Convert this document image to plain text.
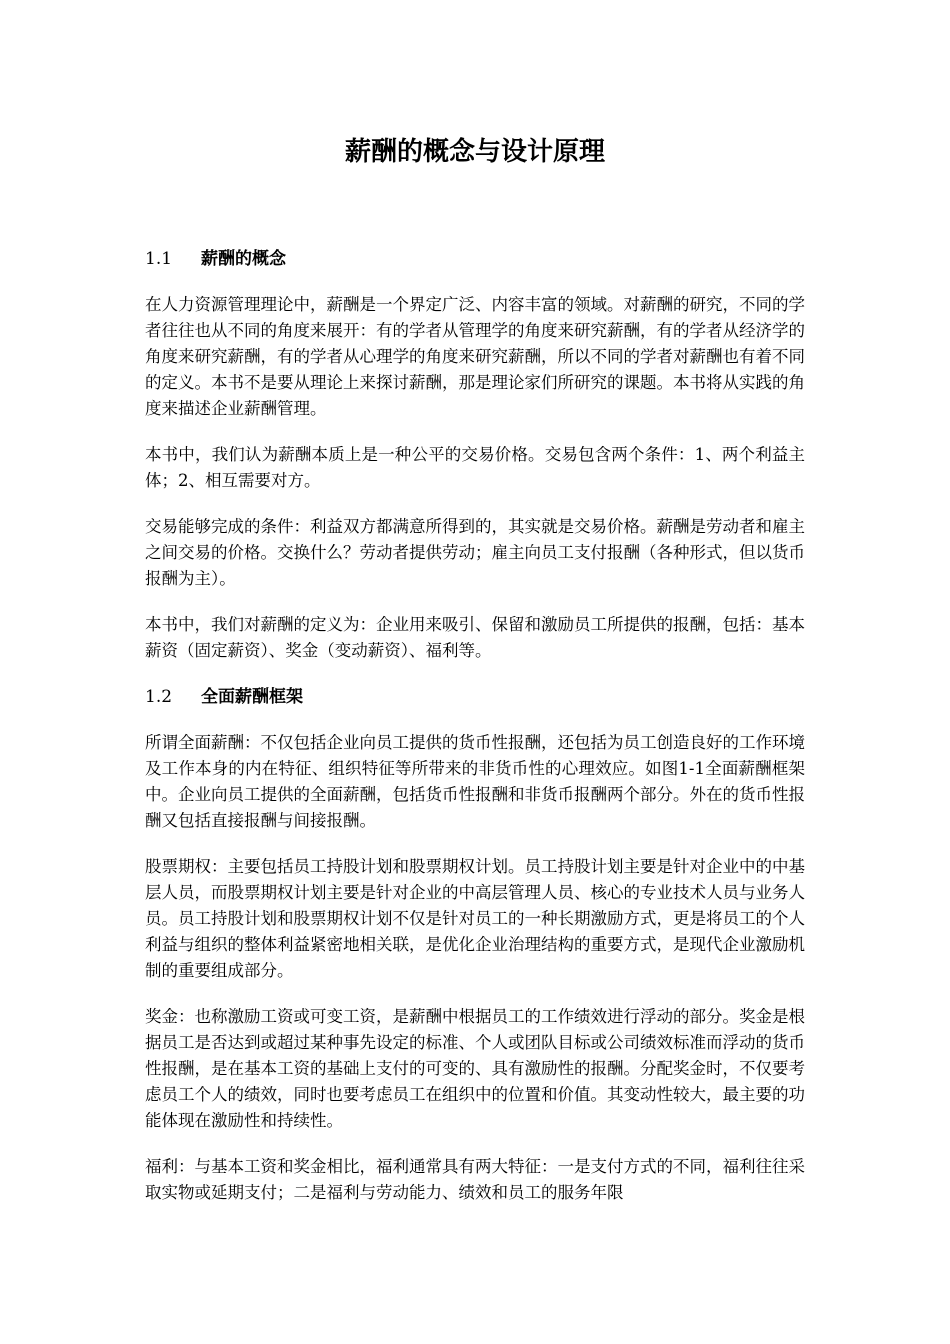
薪酬的概念与设计原理
1.1	薪酬的概念

在人力资源管理理论中，薪酬是一个界定广泛、内容丰富的领域。对薪酬的研究，不同的学者往往也从不同的角度来展开：有的学者从管理学的角度来研究薪酬，有的学者从经济学的角度来研究薪酬，有的学者从心理学的角度来研究薪酬，所以不同的学者对薪酬也有着不同的定义。本书不是要从理论上来探讨薪酬，那是理论家们所研究的课题。本书将从实践的角度来描述企业薪酬管理。

本书中，我们认为薪酬本质上是一种公平的交易价格。交易包含两个条件：1、两个利益主体；2、相互需要对方。

交易能够完成的条件：利益双方都满意所得到的，其实就是交易价格。薪酬是劳动者和雇主之间交易的价格。交换什么？劳动者提供劳动；雇主向员工支付报酬（各种形式，但以货币报酬为主）。

本书中，我们对薪酬的定义为：企业用来吸引、保留和激励员工所提供的报酬，包括：基本薪资（固定薪资）、奖金（变动薪资）、福利等。

1.2	全面薪酬框架

所谓全面薪酬：不仅包括企业向员工提供的货币性报酬，还包括为员工创造良好的工作环境及工作本身的内在特征、组织特征等所带来的非货币性的心理效应。如图1-1全面薪酬框架中。企业向员工提供的全面薪酬，包括货币性报酬和非货币报酬两个部分。外在的货币性报酬又包括直接报酬与间接报酬。

股票期权：主要包括员工持股计划和股票期权计划。员工持股计划主要是针对企业中的中基层人员，而股票期权计划主要是针对企业的中高层管理人员、核心的专业技术人员与业务人员。员工持股计划和股票期权计划不仅是针对员工的一种长期激励方式，更是将员工的个人利益与组织的整体利益紧密地相关联，是优化企业治理结构的重要方式，是现代企业激励机制的重要组成部分。

奖金：也称激励工资或可变工资，是薪酬中根据员工的工作绩效进行浮动的部分。奖金是根据员工是否达到或超过某种事先设定的标准、个人或团队目标或公司绩效标准而浮动的货币性报酬，是在基本工资的基础上支付的可变的、具有激励性的报酬。分配奖金时，不仅要考虑员工个人的绩效，同时也要考虑员工在组织中的位置和价值。其变动性较大，最主要的功能体现在激励性和持续性。

福利：与基本工资和奖金相比，福利通常具有两大特征：一是支付方式的不同，福利往往采取实物或延期支付；二是福利与劳动能力、绩效和员工的服务年限
